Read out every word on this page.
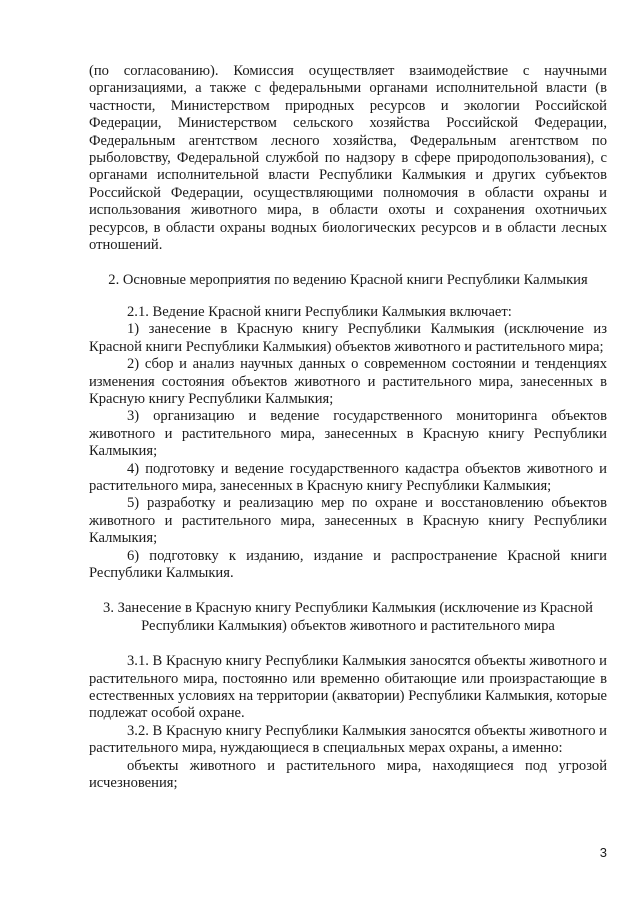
(по согласованию). Комиссия осуществляет взаимодействие с научными организациями, а также с федеральными органами исполнительной власти (в частности, Министерством природных ресурсов и экологии Российской Федерации, Министерством сельского хозяйства Российской Федерации, Федеральным агентством лесного хозяйства, Федеральным агентством по рыболовству, Федеральной службой по надзору в сфере природопользования), с органами исполнительной власти Республики Калмыкия и других субъектов Российской Федерации, осуществляющими полномочия в области охраны и использования животного мира, в области охоты и сохранения охотничьих ресурсов, в области охраны водных биологических ресурсов и в области лесных отношений.

2. Основные мероприятия по ведению Красной книги Республики Калмыкия

2.1. Ведение Красной книги Республики Калмыкия включает:

1) занесение в Красную книгу Республики Калмыкия (исключение из Красной книги Республики Калмыкия) объектов животного и растительного мира;

2) сбор и анализ научных данных о современном состоянии и тенденциях изменения состояния объектов животного и растительного мира, занесенных в Красную книгу Республики Калмыкия;

3) организацию и ведение государственного мониторинга объектов животного и растительного мира, занесенных в Красную книгу Республики Калмыкия;

4) подготовку и ведение государственного кадастра объектов животного и растительного мира, занесенных в Красную книгу Республики Калмыкия;

5) разработку и реализацию мер по охране и восстановлению объектов животного и растительного мира, занесенных в Красную книгу Республики Калмыкия;

6) подготовку к изданию, издание и распространение Красной книги Республики Калмыкия.

3. Занесение в Красную книгу Республики Калмыкия (исключение из Красной

Республики Калмыкия) объектов животного и растительного мира

3.1. В Красную книгу Республики Калмыкия заносятся объекты животного и растительного мира, постоянно или временно обитающие или произрастающие в естественных условиях на территории (акватории) Республики Калмыкия, которые подлежат особой охране.

3.2. В Красную книгу Республики Калмыкия заносятся объекты животного и растительного мира, нуждающиеся в специальных мерах охраны, а именно:

объекты животного и растительного мира, находящиеся под угрозой исчезновения;

3
